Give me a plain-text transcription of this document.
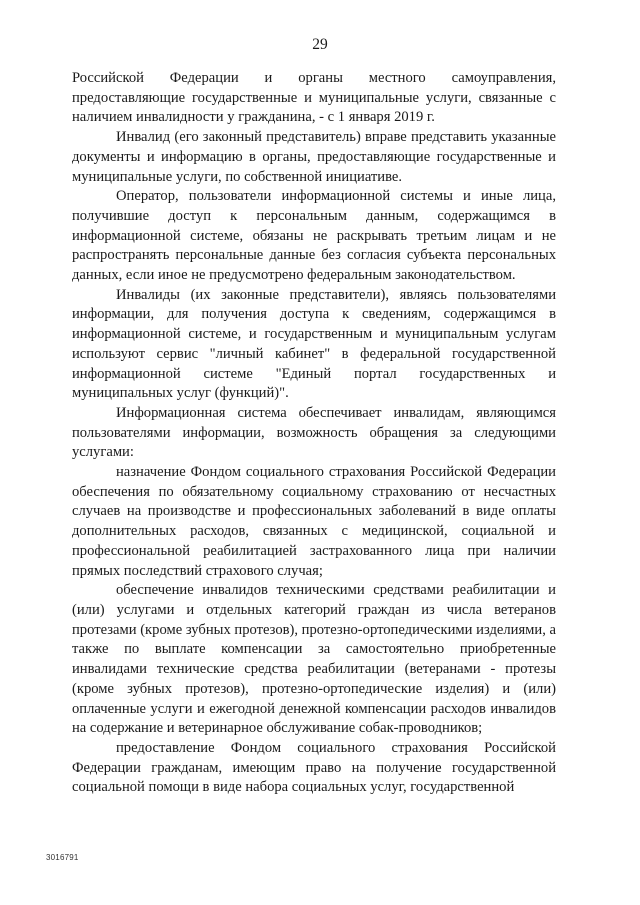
29

Российской Федерации и органы местного самоуправления, предоставляющие государственные и муниципальные услуги, связанные с наличием инвалидности у гражданина, - с 1 января 2019 г.

Инвалид (его законный представитель) вправе представить указанные документы и информацию в органы, предоставляющие государственные и муниципальные услуги, по собственной инициативе.

Оператор, пользователи информационной системы и иные лица, получившие доступ к персональным данным, содержащимся в информационной системе, обязаны не раскрывать третьим лицам и не распространять персональные данные без согласия субъекта персональных данных, если иное не предусмотрено федеральным законодательством.

Инвалиды (их законные представители), являясь пользователями информации, для получения доступа к сведениям, содержащимся в информационной системе, и государственным и муниципальным услугам используют сервис "личный кабинет" в федеральной государственной информационной системе "Единый портал государственных и муниципальных услуг (функций)".

Информационная система обеспечивает инвалидам, являющимся пользователями информации, возможность обращения за следующими услугами:

назначение Фондом социального страхования Российской Федерации обеспечения по обязательному социальному страхованию от несчастных случаев на производстве и профессиональных заболеваний в виде оплаты дополнительных расходов, связанных с медицинской, социальной и профессиональной реабилитацией застрахованного лица при наличии прямых последствий страхового случая;

обеспечение инвалидов техническими средствами реабилитации и (или) услугами и отдельных категорий граждан из числа ветеранов протезами (кроме зубных протезов), протезно-ортопедическими изделиями, а также по выплате компенсации за самостоятельно приобретенные инвалидами технические средства реабилитации (ветеранами - протезы (кроме зубных протезов), протезно-ортопедические изделия) и (или) оплаченные услуги и ежегодной денежной компенсации расходов инвалидов на содержание и ветеринарное обслуживание собак-проводников;

предоставление Фондом социального страхования Российской Федерации гражданам, имеющим право на получение государственной социальной помощи в виде набора социальных услуг, государственной

3016791
